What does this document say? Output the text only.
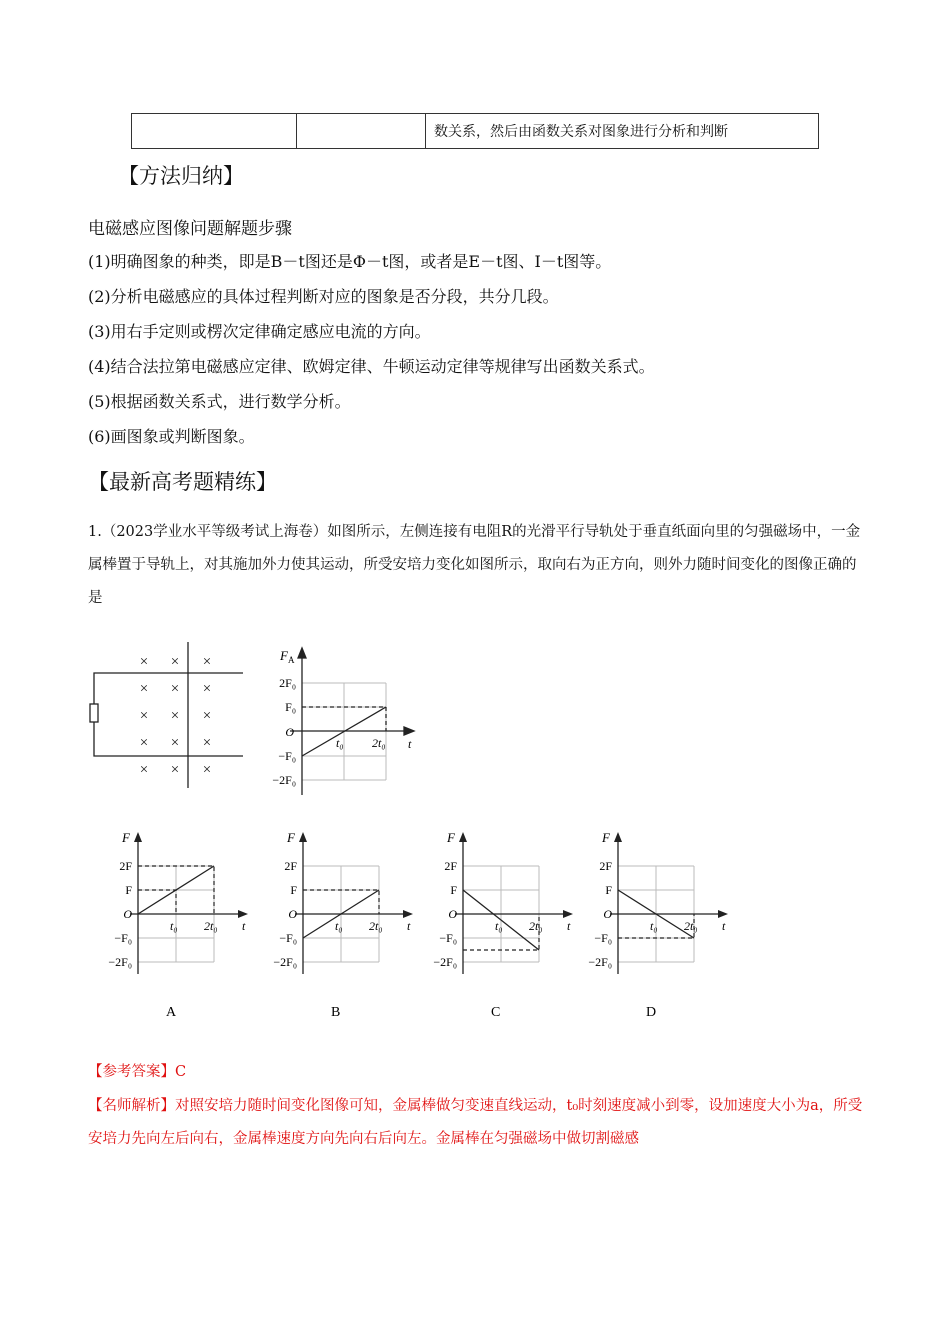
		数关系，然后由函数关系对图象进行分析和判断
【方法归纳】
电磁感应图像问题解题步骤
(1)明确图象的种类，即是B－t图还是Φ－t图，或者是E－t图、I－t图等。
(2)分析电磁感应的具体过程判断对应的图象是否分段，共分几段。
(3)用右手定则或楞次定律确定感应电流的方向。
(4)结合法拉第电磁感应定律、欧姆定律、牛顿运动定律等规律写出函数关系式。
(5)根据函数关系式，进行数学分析。
(6)画图象或判断图象。
【最新高考题精练】
1.（2023学业水平等级考试上海卷）如图所示，左侧连接有电阻R的光滑平行导轨处于垂直纸面向里的匀强磁场中，一金属棒置于导轨上，对其施加外力使其运动，所受安培力变化如图所示，取向右为正方向，则外力随时间变化的图像正确的是
× × ×
× × ×
× × ×
× × ×
× × ×
F A
2F₀
F₀
O
−F₀
−2F₀
t₀ 2t₀ t
F
2F
F
O
−F₀
−2F₀
t₀ 2t₀ t
A
F
2F
F
O
−F₀
−2F₀
t₀ 2t₀ t
B
F
2F
F
O
−F₀
−2F₀
t₀ 2t₀ t
C
F
2F
F
O
−F₀
−2F₀
t₀ 2t₀ t
D
【参考答案】C
【名师解析】对照安培力随时间变化图像可知，金属棒做匀变速直线运动，t₀时刻速度减小到零，设加速度大小为a，所受安培力先向左后向右，金属棒速度方向先向右后向左。金属棒在匀强磁场中做切割磁感
